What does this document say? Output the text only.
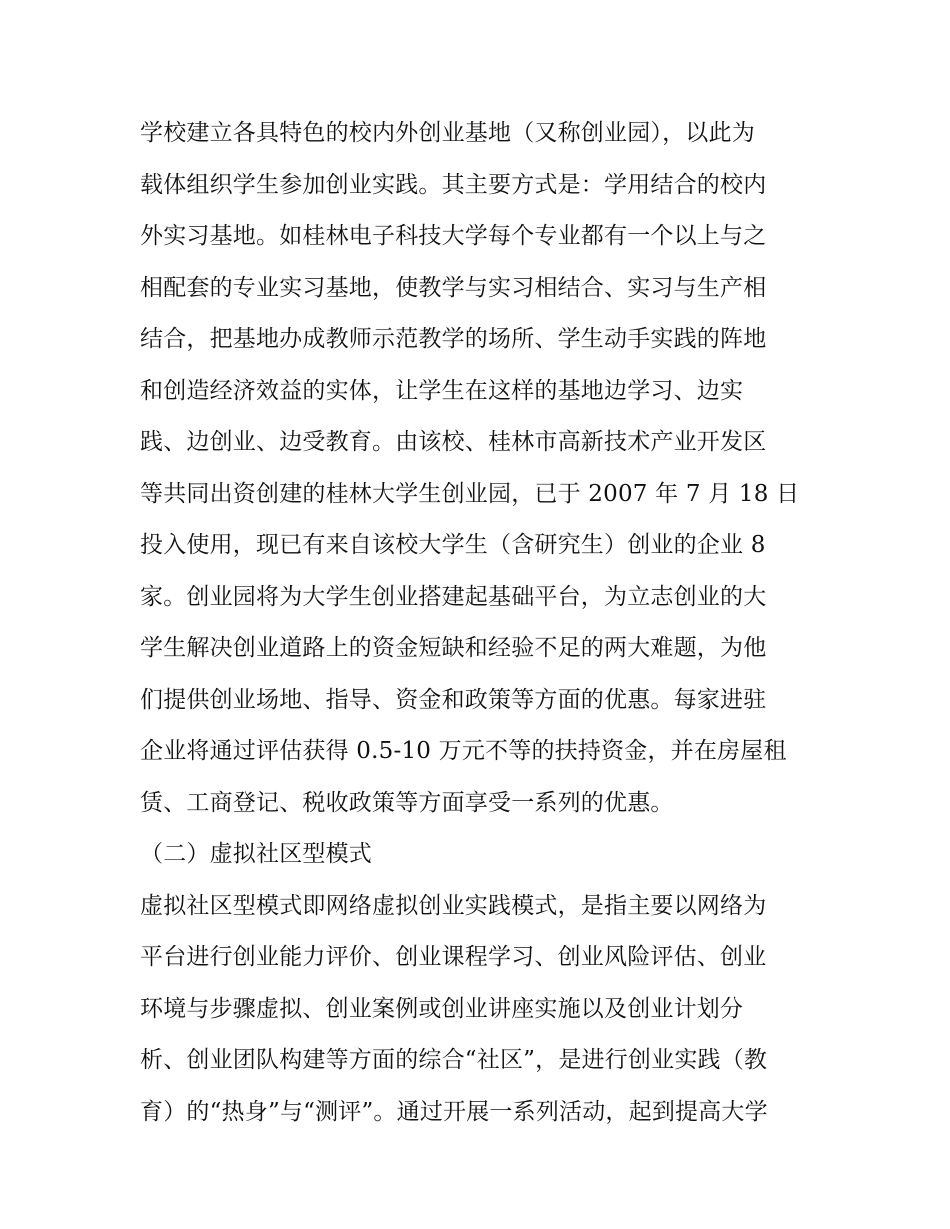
学校建立各具特色的校内外创业基地（又称创业园），以此为
载体组织学生参加创业实践。其主要方式是：学用结合的校内
外实习基地。如桂林电子科技大学每个专业都有一个以上与之
相配套的专业实习基地，使教学与实习相结合、实习与生产相
结合，把基地办成教师示范教学的场所、学生动手实践的阵地
和创造经济效益的实体，让学生在这样的基地边学习、边实
践、边创业、边受教育。由该校、桂林市高新技术产业开发区
等共同出资创建的桂林大学生创业园，已于 2007 年 7 月 18 日
投入使用，现已有来自该校大学生（含研究生）创业的企业 8
家。创业园将为大学生创业搭建起基础平台，为立志创业的大
学生解决创业道路上的资金短缺和经验不足的两大难题，为他
们提供创业场地、指导、资金和政策等方面的优惠。每家进驻
企业将通过评估获得 0.5-10 万元不等的扶持资金，并在房屋租
赁、工商登记、税收政策等方面享受一系列的优惠。
（二）虚拟社区型模式
虚拟社区型模式即网络虚拟创业实践模式，是指主要以网络为
平台进行创业能力评价、创业课程学习、创业风险评估、创业
环境与步骤虚拟、创业案例或创业讲座实施以及创业计划分
析、创业团队构建等方面的综合“社区”，是进行创业实践（教
育）的“热身”与“测评”。通过开展一系列活动，起到提高大学
